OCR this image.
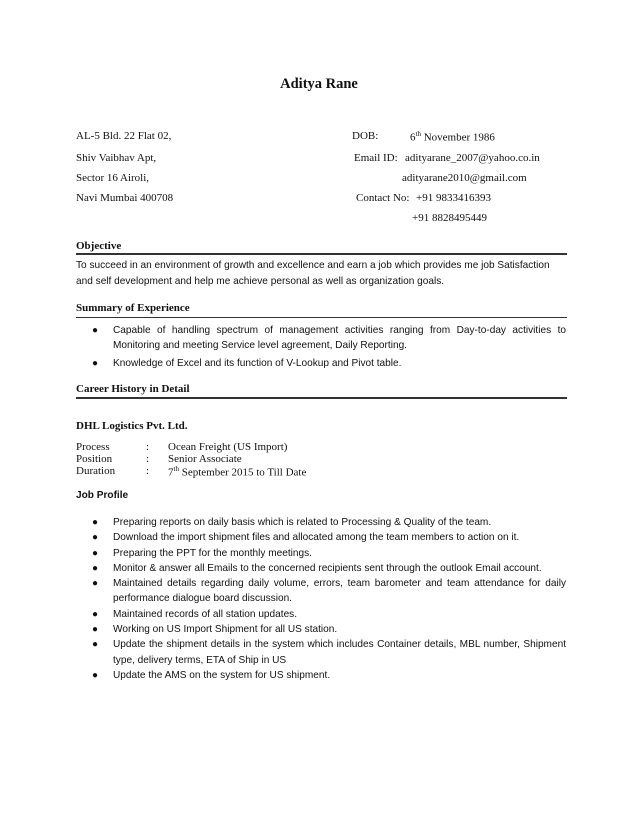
Aditya Rane
AL-5 Bld. 22 Flat 02,
Shiv Vaibhav Apt,
Sector 16 Airoli,
Navi Mumbai 400708
DOB:	6th November 1986
Email ID: adityarane_2007@yahoo.co.in
adityarane2010@gmail.com
Contact No: +91 9833416393
+91 8828495449
Objective
To succeed in an environment of growth and excellence and earn a job which provides me job Satisfaction and self development and help me achieve personal as well as organization goals.
Summary of Experience
● Capable of handling spectrum of management activities ranging from Day-to-day activities to Monitoring and meeting Service level agreement, Daily Reporting.
● Knowledge of Excel and its function of V-Lookup and Pivot table.
Career History in Detail
DHL Logistics Pvt. Ltd.
Process	: Ocean Freight (US Import)
Position	: Senior Associate
Duration	: 7th September 2015 to Till Date
Job Profile
● Preparing reports on daily basis which is related to Processing & Quality of the team.
● Download the import shipment files and allocated among the team members to action on it.
● Preparing the PPT for the monthly meetings.
● Monitor & answer all Emails to the concerned recipients sent through the outlook Email account.
● Maintained details regarding daily volume, errors, team barometer and team attendance for daily performance dialogue board discussion.
● Maintained records of all station updates.
● Working on US Import Shipment for all US station.
● Update the shipment details in the system which includes Container details, MBL number, Shipment type, delivery terms, ETA of Ship in US
● Update the AMS on the system for US shipment.
